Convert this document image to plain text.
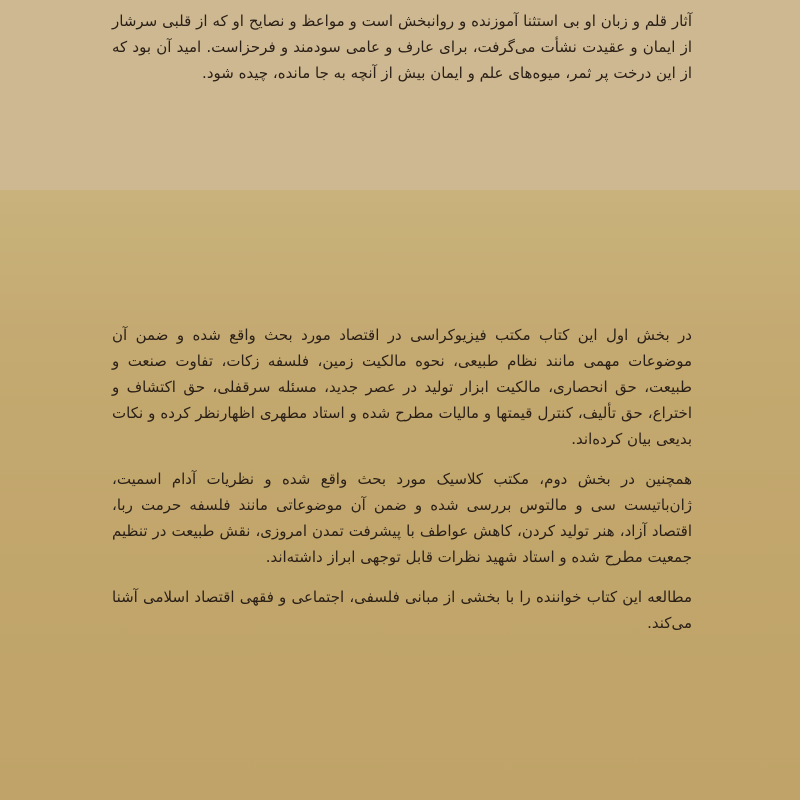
آثار قلم و زبان او بی استثنا آموزنده و روانبخش است و مواعظ و نصایح او که از قلبی سرشار از ایمان و عقیدت نشأت می‌گرفت، برای عارف و عامی سودمند و فرحزاست. امید آن بود که از این درخت پر ثمر، میوه‌های علم و ایمان بیش از آنچه به جا مانده، چیده شود.

در بخش اول این کتاب مکتب فیزیوکراسی در اقتصاد مورد بحث واقع شده و ضمن آن موضوعات مهمی مانند نظام طبیعی، نحوه مالکیت زمین، فلسفه زکات، تفاوت صنعت و طبیعت، حق انحصاری، مالکیت ابزار تولید در عصر جدید، مسئله سرقفلی، حق اکتشاف و اختراع، حق تألیف، کنترل قیمتها و مالیات مطرح شده و استاد مطهری اظهارنظر کرده و نکات بدیعی بیان کرده‌اند.

همچنین در بخش دوم، مکتب کلاسیک مورد بحث واقع شده و نظریات آدام اسمیت، ژان‌باتیست سی و مالتوس بررسی شده و ضمن آن موضوعاتی مانند فلسفه حرمت ربا، اقتصاد آزاد، هنر تولید کردن، کاهش عواطف با پیشرفت تمدن امروزی، نقش طبیعت در تنظیم جمعیت مطرح شده و استاد شهید نظرات قابل توجهی ابراز داشته‌اند.

مطالعه این کتاب خواننده را با بخشی از مبانی فلسفی، اجتماعی و فقهی اقتصاد اسلامی آشنا می‌کند.
